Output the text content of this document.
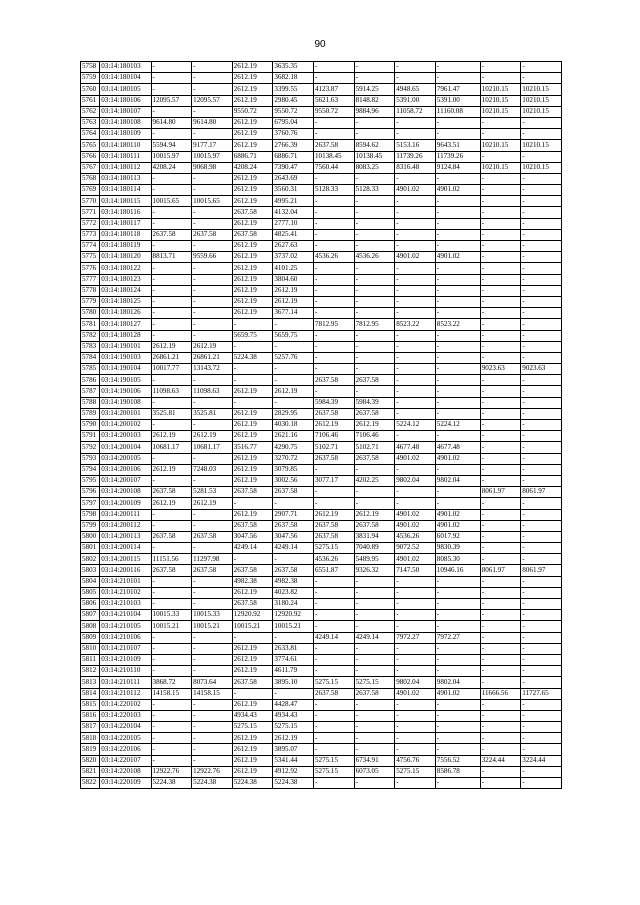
90
5758	03:14:180103	-	-	2612.19	3635.35	-	-	-	-	-	-
5759	03:14:180104	-	-	2612.19	3682.18	-	-	-	-	-	-
5760	03:14:180105	-	-	2612.19	3399.55	4123.87	5914.25	4948.65	7961.47	10210.15	10210.15
5761	03:14:180106	12095.57	12095.57	2612.19	2980.45	5621.63	8148.82	5391.00	5391.00	10210.15	10210.15
5762	03:14:180107	-	-	9550.72	9550.72	9550.72	9884.96	11058.72	11160.08	10210.15	10210.15
5763	03:14:180108	9614.80	9614.80	2612.19	6795.04	-	-	-	-	-	-
5764	03:14:180109	-	-	2612.19	3760.76	-	-	-	-	-	-
5765	03:14:180110	5594.94	9177.17	2612.19	2766.39	2637.58	8594.62	5153.16	9643.51	10210.15	10210.15
5766	03:14:180111	10015.97	10015.97	6886.71	6886.71	10138.45	10138.45	11739.26	11739.26	-	-
5767	03:14:180112	4208.24	9068.98	4208.24	7390.47	7560.44	8083.25	8316.48	9124.84	10210.15	10210.15
5768	03:14:180113	-	-	2612.19	2643.69	-	-	-	-	-	-
5769	03:14:180114	-	-	2612.19	3560.31	5128.33	5128.33	4901.02	4901.02	-	-
5770	03:14:180115	10015.65	10015.65	2612.19	4995.21	-	-	-	-	-	-
5771	03:14:180116	-	-	2637.58	4132.04	-	-	-	-	-	-
5772	03:14:180117	-	-	2612.19	2777.10	-	-	-	-	-	-
5773	03:14:180118	2637.58	2637.58	2637.58	4825.41	-	-	-	-	-	-
5774	03:14:180119	-	-	2612.19	2627.63	-	-	-	-	-	-
5775	03:14:180120	8813.71	9559.66	2612.19	3737.02	4536.26	4536.26	4901.02	4901.02	-	-
5776	03:14:180122	-	-	2612.19	4101.25	-	-	-	-	-	-
5777	03:14:180123	-	-	2612.19	3804.60	-	-	-	-	-	-
5778	03:14:180124	-	-	2612.19	2612.19	-	-	-	-	-	-
5779	03:14:180125	-	-	2612.19	2612.19	-	-	-	-	-	-
5780	03:14:180126	-	-	2612.19	3677.14	-	-	-	-	-	-
5781	03:14:180127	-	-	-	-	7812.95	7812.95	8523.22	8523.22	-	-
5782	03:14:180128	-	-	5659.75	5659.75	-	-	-	-	-	-
5783	03:14:190101	2612.19	2612.19	-	-	-	-	-	-	-	-
5784	03:14:190103	26861.21	26861.21	5224.38	5257.76	-	-	-	-	-	-
5785	03:14:190104	10017.77	13143.72	-	-	-	-	-	-	9023.63	9023.63
5786	03:14:190105	-	-	-	-	2637.58	2637.58	-	-	-	-
5787	03:14:190106	11098.63	11098.63	2612.19	2612.19	-	-	-	-	-	-
5788	03:14:190108	-	-	-	-	5984.39	5984.39	-	-	-	-
5789	03:14:200101	3525.81	3525.81	2612.19	2829.95	2637.58	2637.58	-	-	-	-
5790	03:14:200102	-	-	2612.19	4030.18	2612.19	2612.19	5224.12	5224.12	-	-
5791	03:14:200103	2612.19	2612.19	2612.19	2621.16	7106.46	7106.46	-	-	-	-
5792	03:14:200104	10681.17	10681.17	3516.77	4290.75	5102.71	5102.71	4677.48	4677.48	-	-
5793	03:14:200105	-	-	2612.19	3270.72	2637.58	2637.58	4901.02	4901.02	-	-
5794	03:14:200106	2612.19	7248.03	2612.19	3079.85	-	-	-	-	-	-
5795	03:14:200107	-	-	2612.19	3002.56	3077.17	4202.25	9802.04	9802.04	-	-
5796	03:14:200108	2637.58	5281.53	2637.58	2637.58	-	-	-	-	8061.97	8061.97
5797	03:14:200109	2612.19	2612.19	-	-	-	-	-	-	-	-
5798	03:14:200111	-	-	2612.19	2907.71	2612.19	2612.19	4901.02	4901.02	-	-
5799	03:14:200112	-	-	2637.58	2637.58	2637.58	2637.58	4901.02	4901.02	-	-
5800	03:14:200113	2637.58	2637.58	3047.56	3047.56	2637.58	3831.94	4536.26	6017.92	-	-
5801	03:14:200114	-	-	4249.14	4249.14	5275.15	7040.89	9072.52	9830.39	-	-
5802	03:14:200115	11151.56	11297.98	-	-	4536.26	5489.95	4901.02	8085.30	-	-
5803	03:14:200116	2637.58	2637.58	2637.58	2637.58	6551.87	9326.32	7147.50	10946.16	8061.97	8061.97
5804	03:14:210101	-	-	4982.38	4982.38	-	-	-	-	-	-
5805	03:14:210102	-	-	2612.19	4023.82	-	-	-	-	-	-
5806	03:14:210103	-	-	2637.58	3180.24	-	-	-	-	-	-
5807	03:14:210104	10015.33	10015.33	12920.92	12920.92	-	-	-	-	-	-
5808	03:14:210105	10015.21	10015.21	10015.21	10015.21	-	-	-	-	-	-
5809	03:14:210106	-	-	-	-	4249.14	4249.14	7972.27	7972.27	-	-
5810	03:14:210107	-	-	2612.19	2633.81	-	-	-	-	-	-
5811	03:14:210109	-	-	2612.19	3774.61	-	-	-	-	-	-
5812	03:14:210110	-	-	2612.19	4611.79	-	-	-	-	-	-
5813	03:14:210111	3868.72	8073.64	2637.58	3895.10	5275.15	5275.15	9802.04	9802.04	-	-
5814	03:14:210112	14158.15	14158.15	-	-	2637.58	2637.58	4901.02	4901.02	11666.56	11727.65
5815	03:14:220102	-	-	2612.19	4428.47	-	-	-	-	-	-
5816	03:14:220103	-	-	4934.43	4934.43	-	-	-	-	-	-
5817	03:14:220104	-	-	5275.15	5275.15	-	-	-	-	-	-
5818	03:14:220105	-	-	2612.19	2612.19	-	-	-	-	-	-
5819	03:14:220106	-	-	2612.19	3895.07	-	-	-	-	-	-
5820	03:14:220107	-	-	2612.19	5341.44	5275.15	6734.91	4756.76	7556.52	3224.44	3224.44
5821	03:14:220108	12922.76	12922.76	2612.19	4912.92	5275.15	6073.05	5275.15	8586.78	-	-
5822	03:14:220109	5224.38	5224.38	5224.38	5224.38	-	-	-	-	-	-
